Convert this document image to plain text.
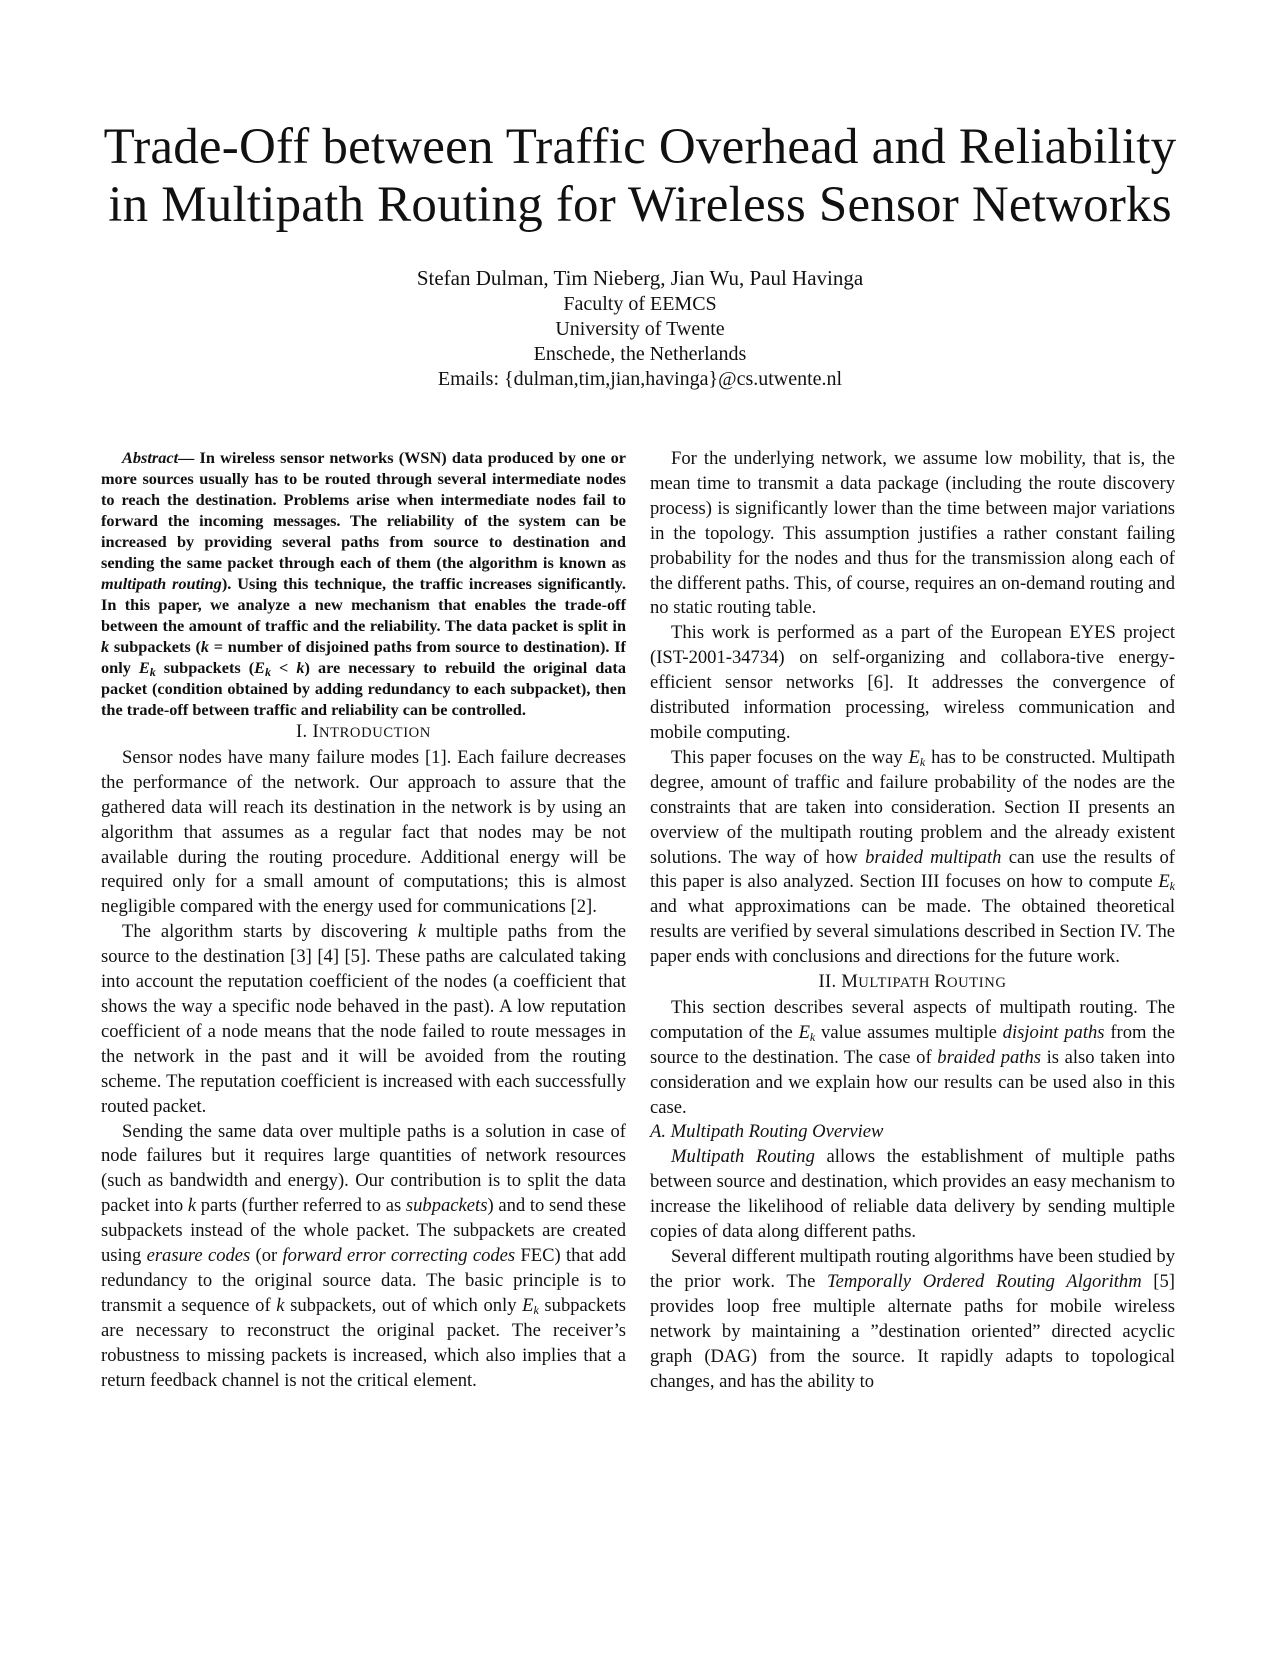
Trade-Off between Traffic Overhead and Reliability
in Multipath Routing for Wireless Sensor Networks
Stefan Dulman, Tim Nieberg, Jian Wu, Paul Havinga
Faculty of EEMCS
University of Twente
Enschede, the Netherlands
Emails: {dulman,tim,jian,havinga}@cs.utwente.nl

Abstract— In wireless sensor networks (WSN) data produced by one or more sources usually has to be routed through several intermediate nodes to reach the destination. Problems arise when intermediate nodes fail to forward the incoming messages. The reliability of the system can be increased by providing several paths from source to destination and sending the same packet through each of them (the algorithm is known as multipath routing). Using this technique, the traffic increases significantly. In this paper, we analyze a new mechanism that enables the trade-off between the amount of traffic and the reliability. The data packet is split in k subpackets (k = number of disjoined paths from source to destination). If only $E_k$ subpackets $(E_k < k)$ are necessary to rebuild the original data packet (condition obtained by adding redundancy to each subpacket), then the trade-off between traffic and reliability can be controlled.

I. INTRODUCTION

Sensor nodes have many failure modes [1]. Each failure decreases the performance of the network. Our approach to assure that the gathered data will reach its destination in the network is by using an algorithm that assumes as a regular fact that nodes may be not available during the routing procedure. Additional energy will be required only for a small amount of computations; this is almost negligible compared with the energy used for communications [2].

The algorithm starts by discovering k multiple paths from the source to the destination [3] [4] [5]. These paths are calculated taking into account the reputation coefficient of the nodes (a coefficient that shows the way a specific node behaved in the past). A low reputation coefficient of a node means that the node failed to route messages in the network in the past and it will be avoided from the routing scheme. The reputation coefficient is increased with each successfully routed packet.

Sending the same data over multiple paths is a solution in case of node failures but it requires large quantities of network resources (such as bandwidth and energy). Our contribution is to split the data packet into k parts (further referred to as subpackets) and to send these subpackets instead of the whole packet. The subpackets are created using erasure codes (or forward error correcting codes FEC) that add redundancy to the original source data. The basic principle is to transmit a sequence of k subpackets, out of which only $E_k$ subpackets are necessary to reconstruct the original packet. The receiver’s robustness to missing packets is increased, which also implies that a return feedback channel is not the critical element.

For the underlying network, we assume low mobility, that is, the mean time to transmit a data package (including the route discovery process) is significantly lower than the time between major variations in the topology. This assumption justifies a rather constant failing probability for the nodes and thus for the transmission along each of the different paths. This, of course, requires an on-demand routing and no static routing table.

This work is performed as a part of the European EYES project (IST-2001-34734) on self-organizing and collabora-tive energy-efficient sensor networks [6]. It addresses the convergence of distributed information processing, wireless communication and mobile computing.

This paper focuses on the way $E_k$ has to be constructed. Multipath degree, amount of traffic and failure probability of the nodes are the constraints that are taken into consideration. Section II presents an overview of the multipath routing problem and the already existent solutions. The way of how braided multipath can use the results of this paper is also analyzed. Section III focuses on how to compute $E_k$ and what approximations can be made. The obtained theoretical results are verified by several simulations described in Section IV. The paper ends with conclusions and directions for the future work.

II. MULTIPATH ROUTING

This section describes several aspects of multipath routing. The computation of the $E_k$ value assumes multiple disjoint paths from the source to the destination. The case of braided paths is also taken into consideration and we explain how our results can be used also in this case.

A. Multipath Routing Overview

Multipath Routing allows the establishment of multiple paths between source and destination, which provides an easy mechanism to increase the likelihood of reliable data delivery by sending multiple copies of data along different paths.

Several different multipath routing algorithms have been studied by the prior work. The Temporally Ordered Routing Algorithm [5] provides loop free multiple alternate paths for mobile wireless network by maintaining a ”destination oriented” directed acyclic graph (DAG) from the source. It rapidly adapts to topological changes, and has the ability to
